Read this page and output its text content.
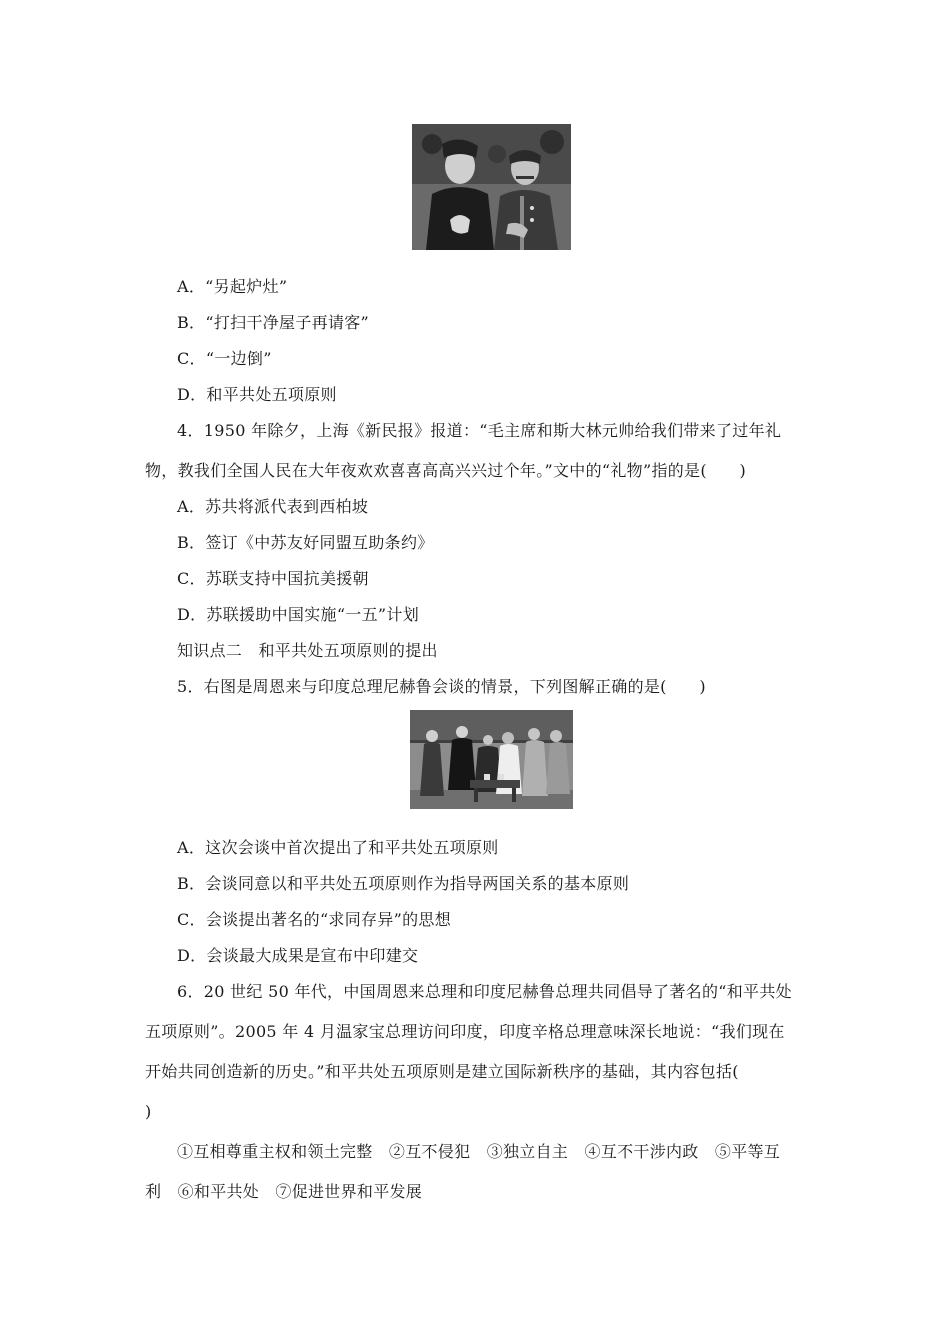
A．“另起炉灶”
B．“打扫干净屋子再请客”
C．“一边倒”
D．和平共处五项原则
4．1950 年除夕，上海《新民报》报道：“毛主席和斯大林元帅给我们带来了过年礼
物，教我们全国人民在大年夜欢欢喜喜高高兴兴过个年。”文中的“礼物”指的是(　　)
A．苏共将派代表到西柏坡
B．签订《中苏友好同盟互助条约》
C．苏联支持中国抗美援朝
D．苏联援助中国实施“一五”计划
知识点二　和平共处五项原则的提出
5．右图是周恩来与印度总理尼赫鲁会谈的情景，下列图解正确的是(　　)
A．这次会谈中首次提出了和平共处五项原则
B．会谈同意以和平共处五项原则作为指导两国关系的基本原则
C．会谈提出著名的“求同存异”的思想
D．会谈最大成果是宣布中印建交
6．20 世纪 50 年代，中国周恩来总理和印度尼赫鲁总理共同倡导了著名的“和平共处
五项原则”。2005 年 4 月温家宝总理访问印度，印度辛格总理意味深长地说：“我们现在
开始共同创造新的历史。”和平共处五项原则是建立国际新秩序的基础，其内容包括(
)
①互相尊重主权和领土完整　②互不侵犯　③独立自主　④互不干涉内政　⑤平等互
利　⑥和平共处　⑦促进世界和平发展
